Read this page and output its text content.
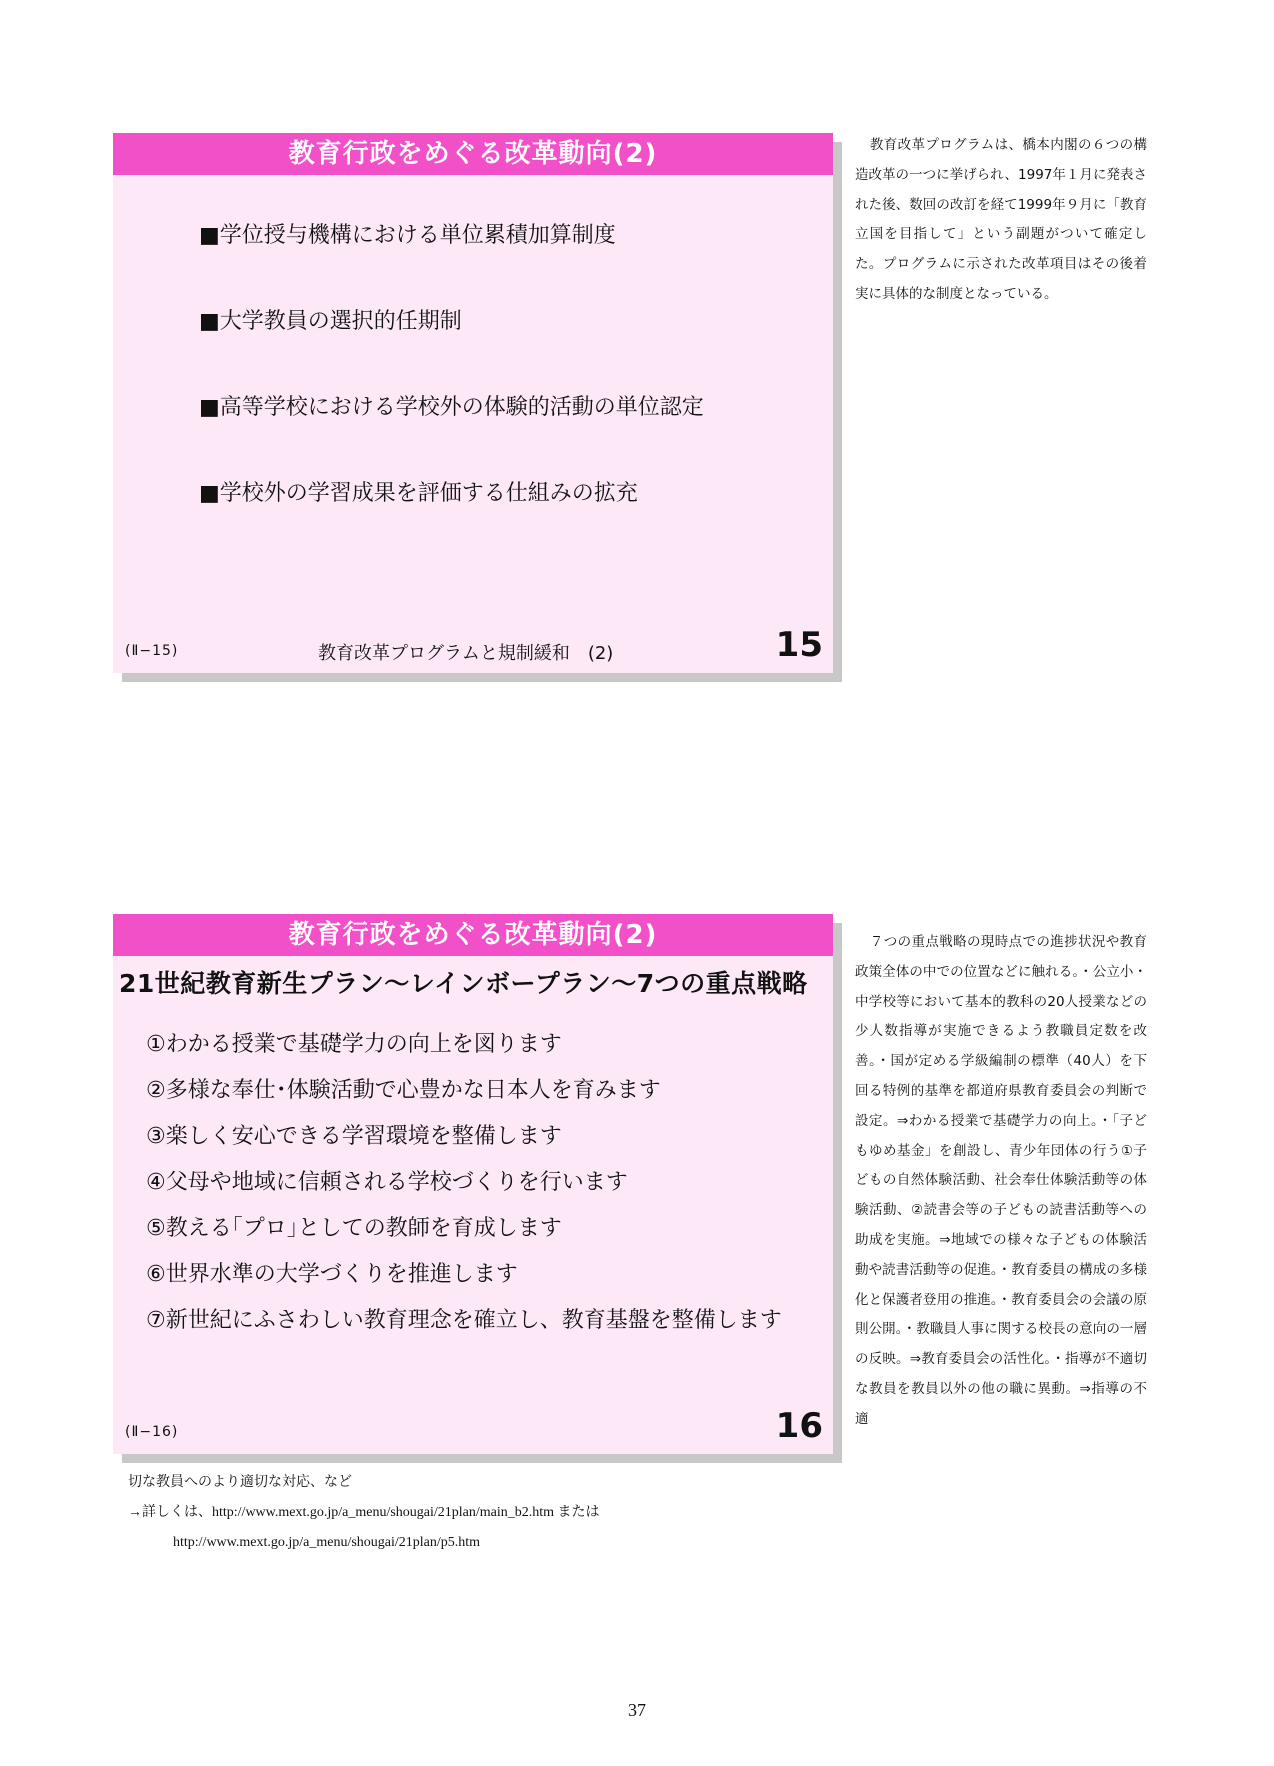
教育行政をめぐる改革動向(2)
■学位授与機構における単位累積加算制度
■大学教員の選択的任期制
■高等学校における学校外の体験的活動の単位認定
■学校外の学習成果を評価する仕組みの拡充
(Ⅱ−15)	教育改革プログラムと規制緩和　(2)	15

教育改革プログラムは、橋本内閣の６つの構造改革の一つに挙げられ、1997年１月に発表された後、数回の改訂を経て1999年９月に「教育立国を目指して」という副題がついて確定した。プログラムに示された改革項目はその後着実に具体的な制度となっている。

教育行政をめぐる改革動向(2)
21世紀教育新生プラン～レインボープラン～7つの重点戦略
①わかる授業で基礎学力の向上を図ります
②多様な奉仕･体験活動で心豊かな日本人を育みます
③楽しく安心できる学習環境を整備します
④父母や地域に信頼される学校づくりを行います
⑤教える｢プロ｣としての教師を育成します
⑥世界水準の大学づくりを推進します
⑦新世紀にふさわしい教育理念を確立し、教育基盤を整備します
(Ⅱ−16)	16

７つの重点戦略の現時点での進捗状況や教育政策全体の中での位置などに触れる。・公立小・中学校等において基本的教科の20人授業などの少人数指導が実施できるよう教職員定数を改善。・国が定める学級編制の標準（40人）を下回る特例的基準を都道府県教育委員会の判断で設定。⇒わかる授業で基礎学力の向上。・「子どもゆめ基金」を創設し、青少年団体の行う①子どもの自然体験活動、社会奉仕体験活動等の体験活動、②読書会等の子どもの読書活動等への助成を実施。⇒地域での様々な子どもの体験活動や読書活動等の促進。・教育委員の構成の多様化と保護者登用の推進。・教育委員会の会議の原則公開。・教職員人事に関する校長の意向の一層の反映。⇒教育委員会の活性化。・指導が不適切な教員を教員以外の他の職に異動。⇒指導の不適

切な教員へのより適切な対応、など
→詳しくは、http://www.mext.go.jp/a_menu/shougai/21plan/main_b2.htm または
http://www.mext.go.jp/a_menu/shougai/21plan/p5.htm
37
